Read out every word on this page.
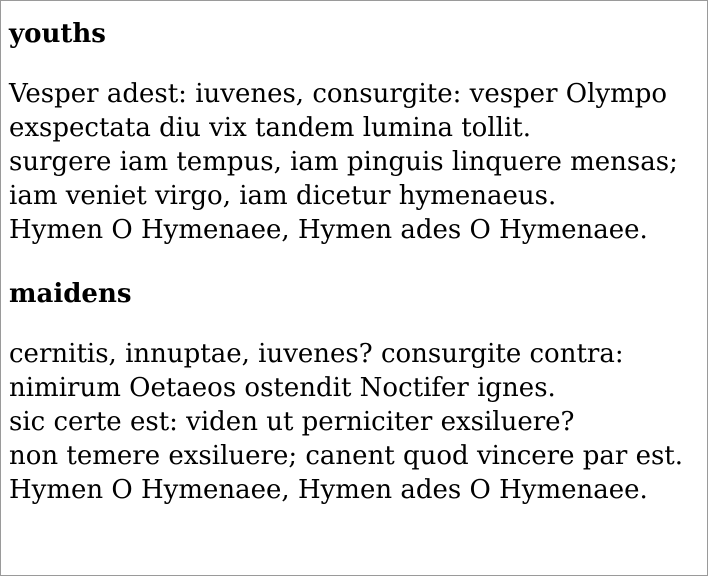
youths
Vesper adest: iuvenes, consurgite: vesper Olympo
exspectata diu vix tandem lumina tollit.
surgere iam tempus, iam pinguis linquere mensas;
iam veniet virgo, iam dicetur hymenaeus.
Hymen O Hymenaee, Hymen ades O Hymenaee.
maidens
cernitis, innuptae, iuvenes? consurgite contra:
nimirum Oetaeos ostendit Noctifer ignes.
sic certe est: viden ut perniciter exsiluere?
non temere exsiluere; canent quod vincere par est.
Hymen O Hymenaee, Hymen ades O Hymenaee.
